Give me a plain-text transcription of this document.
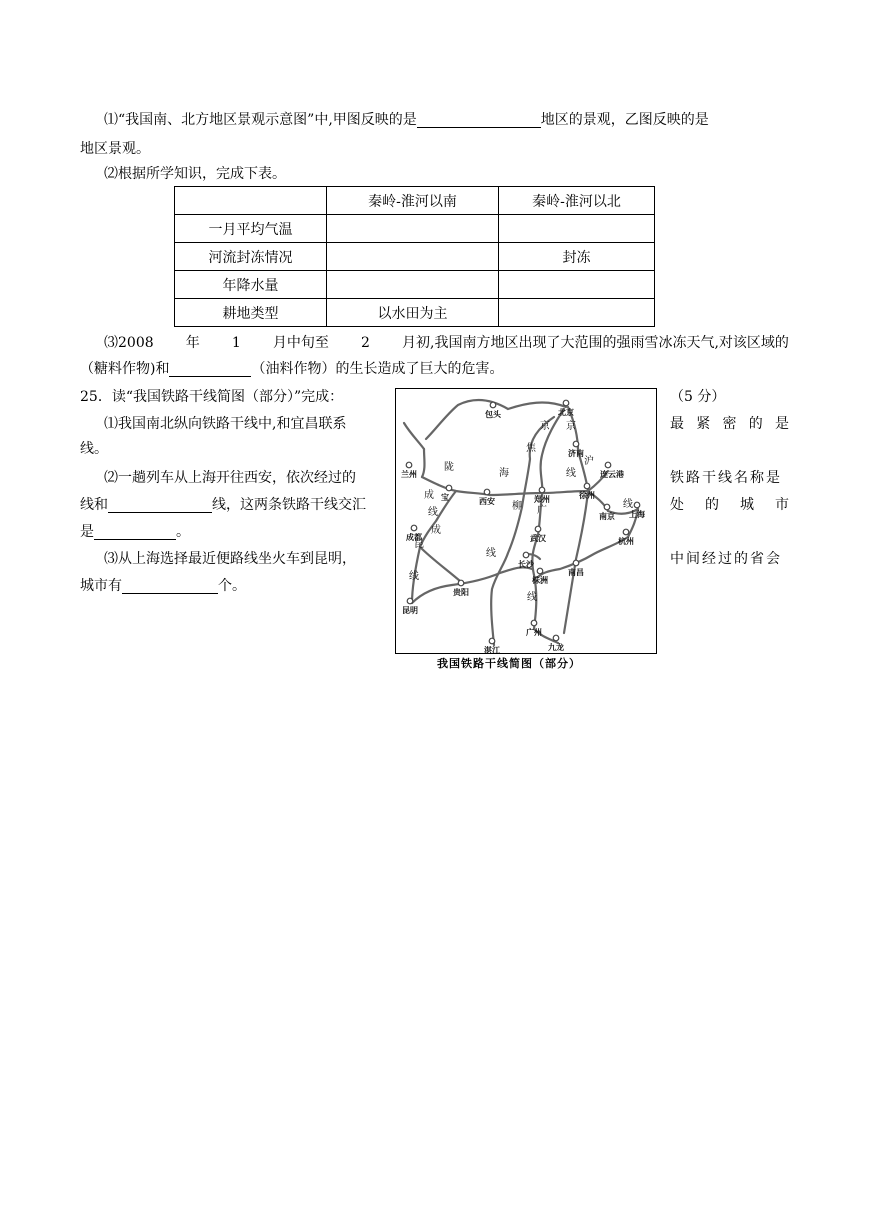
⑴“我国南、北方地区景观示意图”中,甲图反映的是	地区的景观，乙图反映的是
地区景观。
⑵根据所学知识，完成下表。
	秦岭-淮河以南	秦岭-淮河以北
一月平均气温		
河流封冻情况		封冻
年降水量		
耕地类型	以水田为主	
⑶2008 年 1 月中旬至 2 月初,我国南方地区出现了大范围的强雨雪冰冻天气,对该区域的
（糖料作物)和	（油料作物）的生长造成了巨大的危害。
25．读“我国铁路干线简图（部分）”完成：	（5 分）
⑴我国南北纵向铁路干线中,和宜昌联系	最 紧 密 的 是
线。
⑵一趟列车从上海开往西安，依次经过的	铁路干线名称是
线和	线，这两条铁路干线交汇	处 的 城 市
是	。
⑶从上海选择最近便路线坐火车到昆明，	中间经过的省会
城市有	个。
北京
包头
济南
兰州
宝	西安	郑州	徐州
连云港
南京 上海
杭州
成都	武汉
长沙
株洲
南昌
贵阳
昆明
广州
湛江	九龙
京 京
焦
沪
陇
海	线
成
线
柳 广
线
成
昆
线
线
线
我国铁路干线简图（部分）
